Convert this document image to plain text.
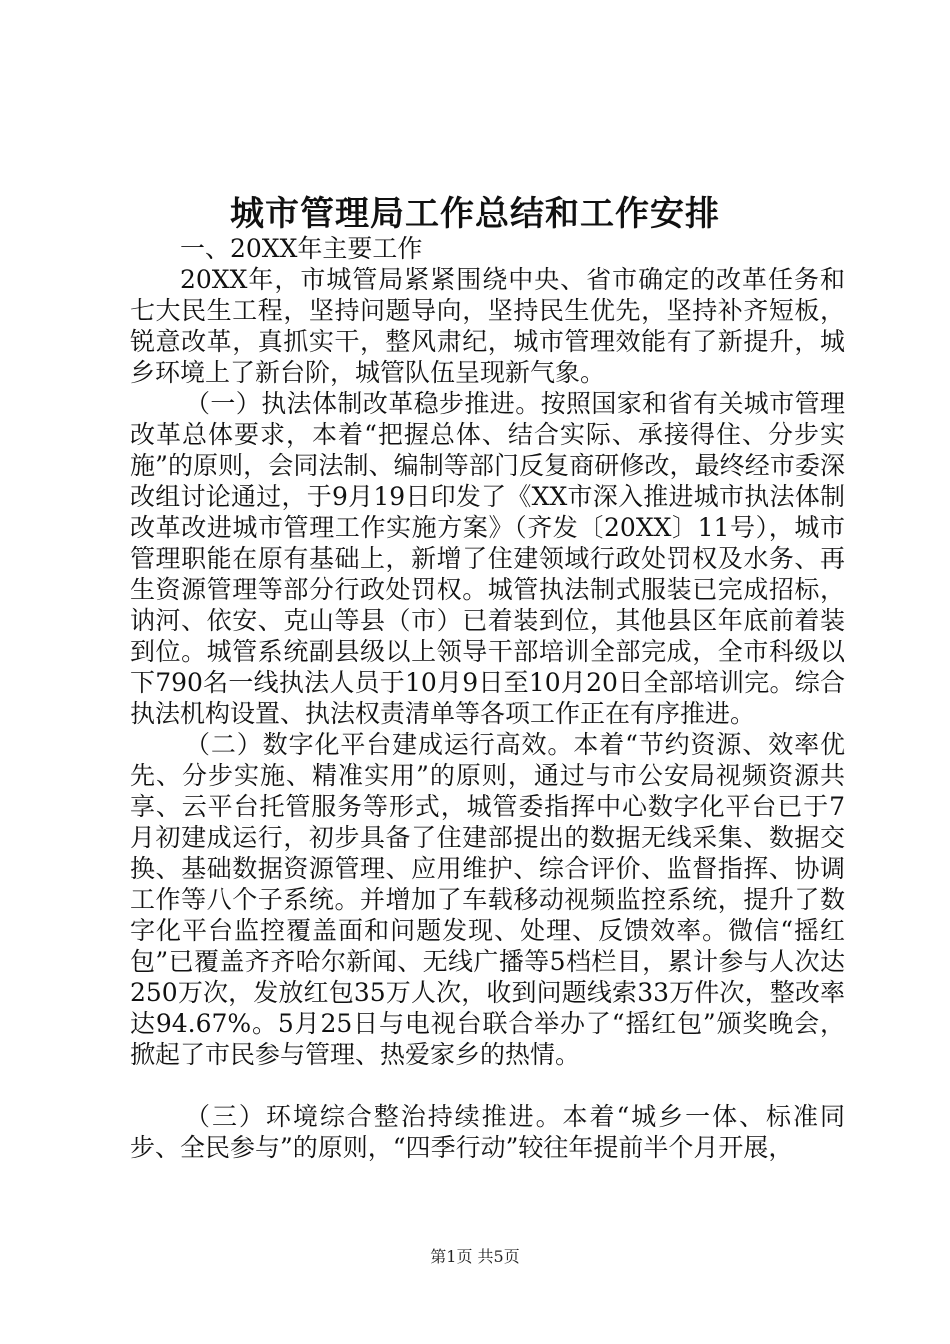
城市管理局工作总结和工作安排

一、20XX年主要工作

20XX年，市城管局紧紧围绕中央、省市确定的改革任务和七大民生工程，坚持问题导向，坚持民生优先，坚持补齐短板，锐意改革，真抓实干，整风肃纪，城市管理效能有了新提升，城乡环境上了新台阶，城管队伍呈现新气象。

（一）执法体制改革稳步推进。按照国家和省有关城市管理改革总体要求，本着“把握总体、结合实际、承接得住、分步实施”的原则，会同法制、编制等部门反复商研修改，最终经市委深改组讨论通过，于9月19日印发了《XX市深入推进城市执法体制改革改进城市管理工作实施方案》（齐发〔20XX〕11号），城市管理职能在原有基础上，新增了住建领域行政处罚权及水务、再生资源管理等部分行政处罚权。城管执法制式服装已完成招标，讷河、依安、克山等县（市）已着装到位，其他县区年底前着装到位。城管系统副县级以上领导干部培训全部完成，全市科级以下790名一线执法人员于10月9日至10月20日全部培训完。综合执法机构设置、执法权责清单等各项工作正在有序推进。

（二）数字化平台建成运行高效。本着“节约资源、效率优先、分步实施、精准实用”的原则，通过与市公安局视频资源共享、云平台托管服务等形式，城管委指挥中心数字化平台已于7月初建成运行，初步具备了住建部提出的数据无线采集、数据交换、基础数据资源管理、应用维护、综合评价、监督指挥、协调工作等八个子系统。并增加了车载移动视频监控系统，提升了数字化平台监控覆盖面和问题发现、处理、反馈效率。微信“摇红包”已覆盖齐齐哈尔新闻、无线广播等5档栏目，累计参与人次达250万次，发放红包35万人次，收到问题线索33万件次，整改率达94.67%。5月25日与电视台联合举办了“摇红包”颁奖晚会，掀起了市民参与管理、热爱家乡的热情。

（三）环境综合整治持续推进。本着“城乡一体、标准同步、全民参与”的原则，“四季行动”较往年提前半个月开展，

第1页 共5页
